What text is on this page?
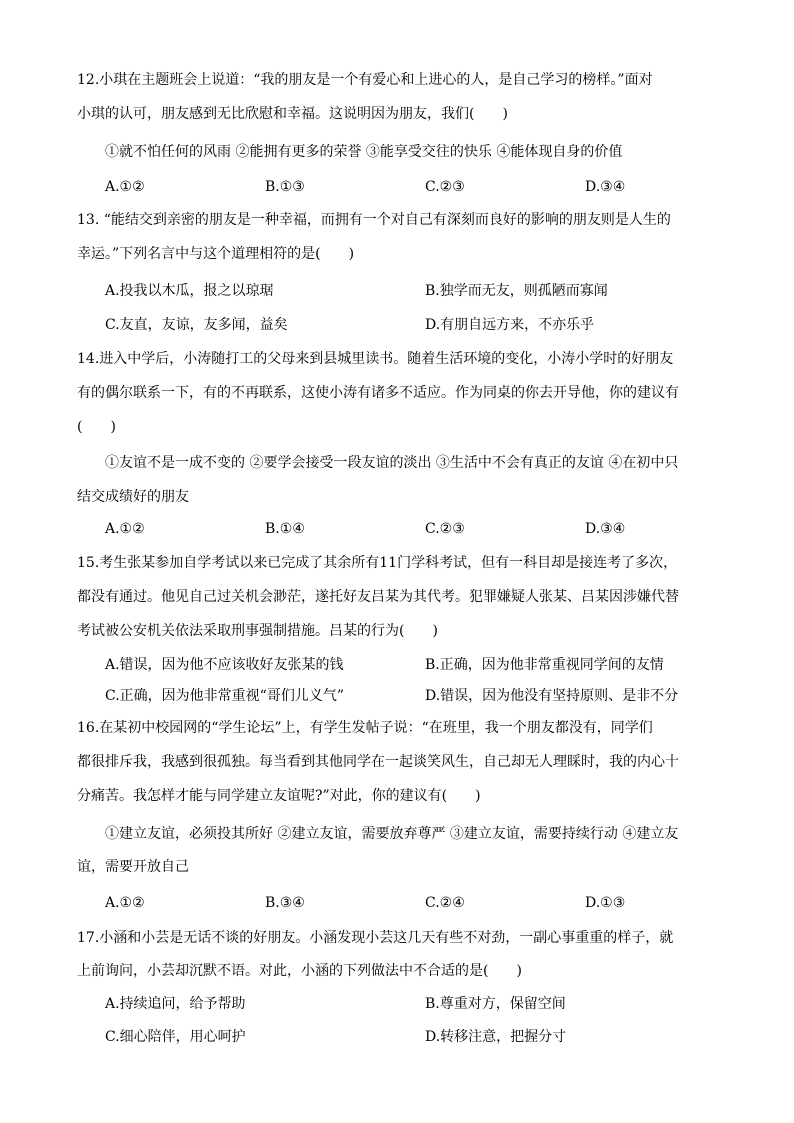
12.小琪在主题班会上说道：“我的朋友是一个有爱心和上进心的人，是自己学习的榜样。”面对
小琪的认可，朋友感到无比欣慰和幸福。这说明因为朋友，我们(　　)
①就不怕任何的风雨 ②能拥有更多的荣誉 ③能享受交往的快乐 ④能体现自身的价值
A.①②	B.①③	C.②③	D.③④
13. “能结交到亲密的朋友是一种幸福，而拥有一个对自己有深刻而良好的影响的朋友则是人生的
幸运。”下列名言中与这个道理相符的是(　　)
A.投我以木瓜，报之以琼琚	B.独学而无友，则孤陋而寡闻
C.友直，友谅，友多闻，益矣	D.有朋自远方来，不亦乐乎
14.进入中学后，小涛随打工的父母来到县城里读书。随着生活环境的变化，小涛小学时的好朋友
有的偶尔联系一下，有的不再联系，这使小涛有诸多不适应。作为同桌的你去开导他，你的建议有
(　　)
①友谊不是一成不变的 ②要学会接受一段友谊的淡出 ③生活中不会有真正的友谊 ④在初中只
结交成绩好的朋友
A.①②	B.①④	C.②③	D.③④
15.考生张某参加自学考试以来已完成了其余所有11门学科考试，但有一科目却是接连考了多次，
都没有通过。他见自己过关机会渺茫，遂托好友吕某为其代考。犯罪嫌疑人张某、吕某因涉嫌代替
考试被公安机关依法采取刑事强制措施。吕某的行为(　　)
A.错误，因为他不应该收好友张某的钱	B.正确，因为他非常重视同学间的友情
C.正确，因为他非常重视“哥们儿义气”	D.错误，因为他没有坚持原则、是非不分
16.在某初中校园网的“学生论坛”上，有学生发帖子说：“在班里，我一个朋友都没有，同学们
都很排斥我，我感到很孤独。每当看到其他同学在一起谈笑风生，自己却无人理睬时，我的内心十
分痛苦。我怎样才能与同学建立友谊呢?”对此，你的建议有(　　)
①建立友谊，必须投其所好 ②建立友谊，需要放弃尊严 ③建立友谊，需要持续行动 ④建立友
谊，需要开放自己
A.①②	B.③④	C.②④	D.①③
17.小涵和小芸是无话不谈的好朋友。小涵发现小芸这几天有些不对劲，一副心事重重的样子，就
上前询问，小芸却沉默不语。对此，小涵的下列做法中不合适的是(　　)
A.持续追问，给予帮助	B.尊重对方，保留空间
C.细心陪伴，用心呵护	D.转移注意，把握分寸
